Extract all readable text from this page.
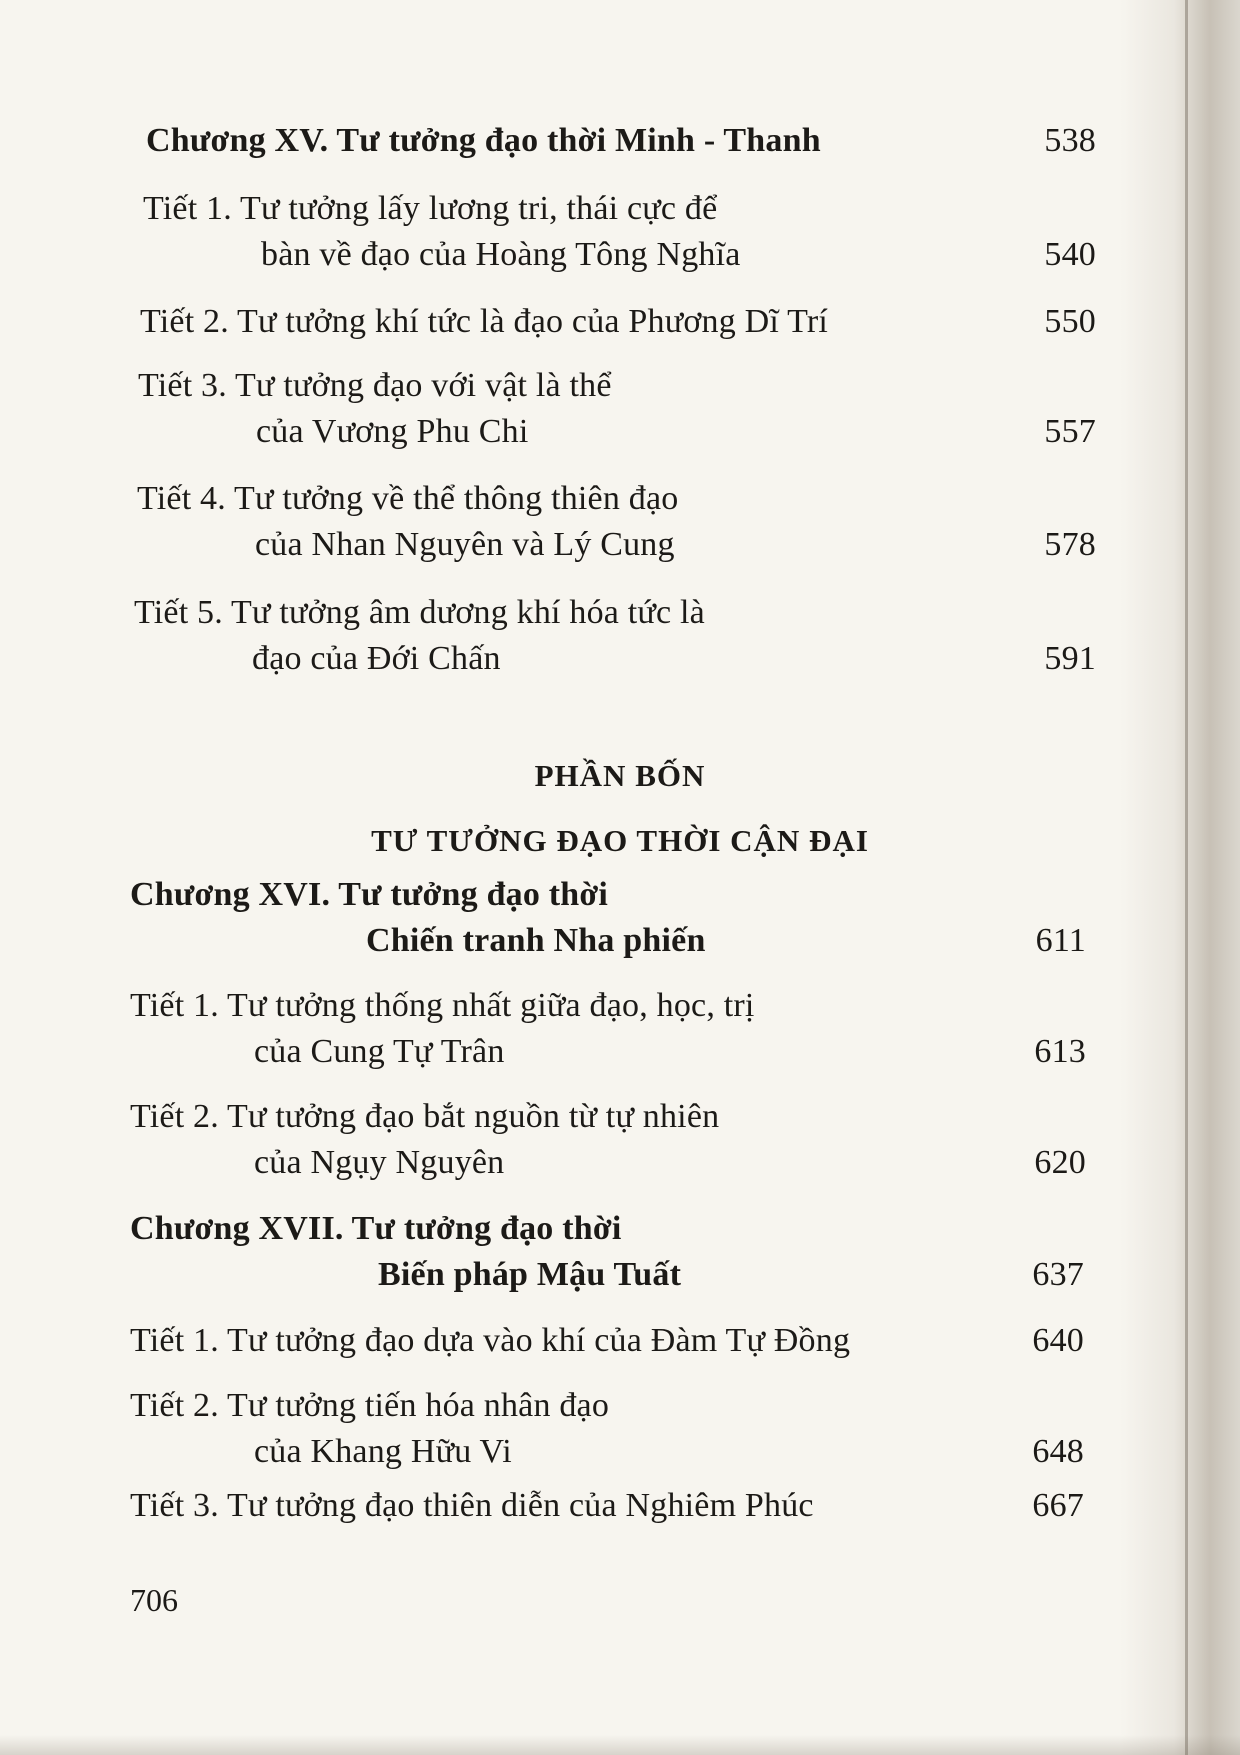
Chương XV. Tư tưởng đạo thời Minh - Thanh	538
Tiết 1. Tư tưởng lấy lương tri, thái cực để
bàn về đạo của Hoàng Tông Nghĩa	540
Tiết 2. Tư tưởng khí tức là đạo của Phương Dĩ Trí	550
Tiết 3. Tư tưởng đạo với vật là thể
của Vương Phu Chi	557
Tiết 4. Tư tưởng về thể thông thiên đạo
của Nhan Nguyên và Lý Cung	578
Tiết 5. Tư tưởng âm dương khí hóa tức là
đạo của Đới Chấn	591
PHẦN BỐN
TƯ TƯỞNG ĐẠO THỜI CẬN ĐẠI
Chương XVI. Tư tưởng đạo thời
Chiến tranh Nha phiến	611
Tiết 1. Tư tưởng thống nhất giữa đạo, học, trị
của Cung Tự Trân	613
Tiết 2. Tư tưởng đạo bắt nguồn từ tự nhiên
của Ngụy Nguyên	620
Chương XVII. Tư tưởng đạo thời
Biến pháp Mậu Tuất	637
Tiết 1. Tư tưởng đạo dựa vào khí của Đàm Tự Đồng	640
Tiết 2. Tư tưởng tiến hóa nhân đạo
của Khang Hữu Vi	648
Tiết 3. Tư tưởng đạo thiên diễn của Nghiêm Phúc	667
706
